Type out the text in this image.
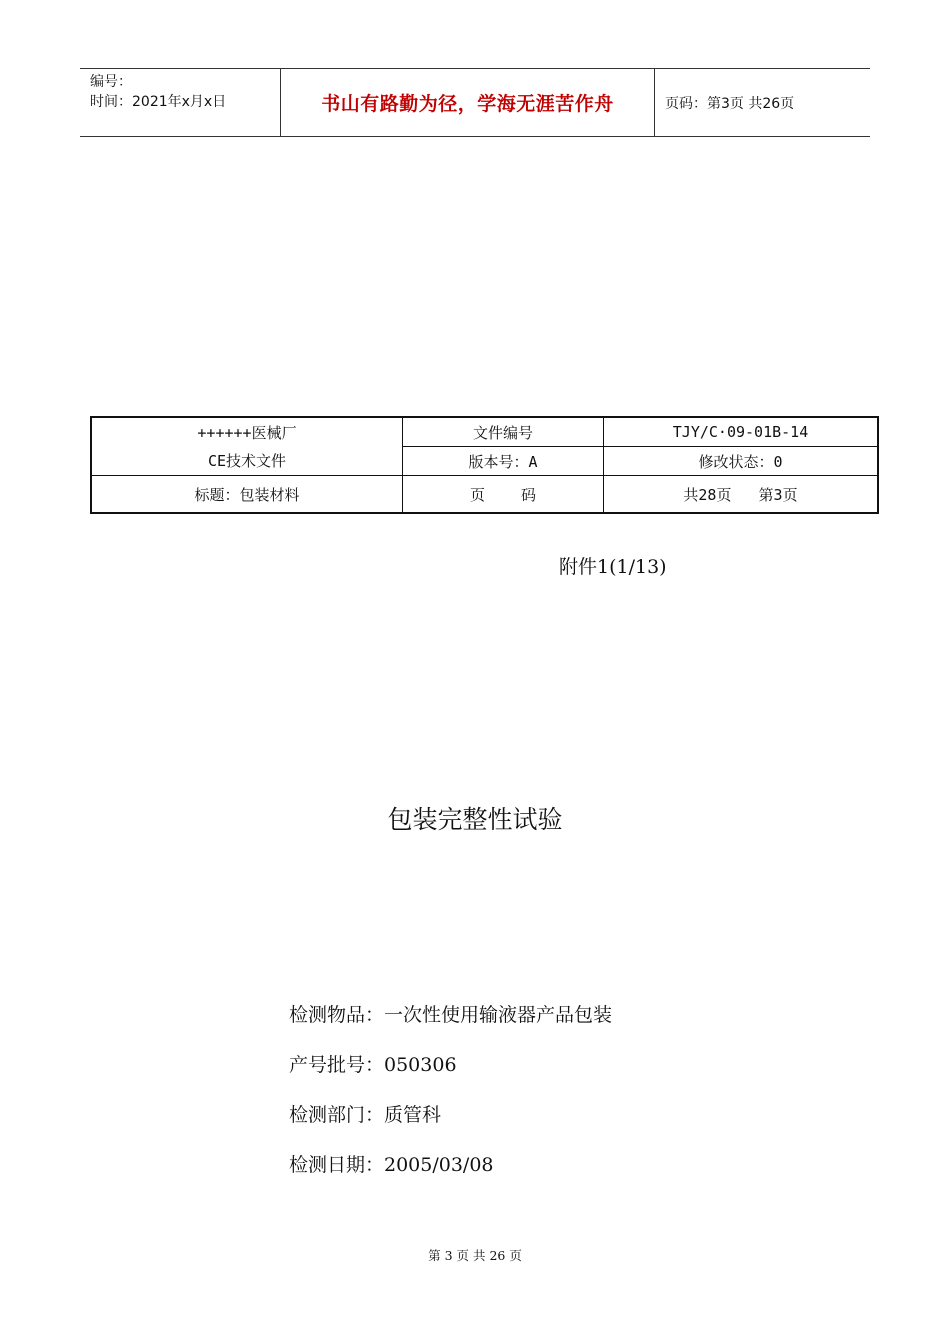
编号：
时间：2021年x月x日	书山有路勤为径，学海无涯苦作舟	页码：第3页 共26页
++++++医械厂
CE技术文件	文件编号	TJY/C·09-01B-14
	版本号：A	修改状态：0
标题：包装材料	页    码	共28页   第3页
附件1(1/13)
包装完整性试验
检测物品：一次性使用输液器产品包装
产号批号：050306
检测部门：质管科
检测日期：2005/03/08
第 3 页 共 26 页
